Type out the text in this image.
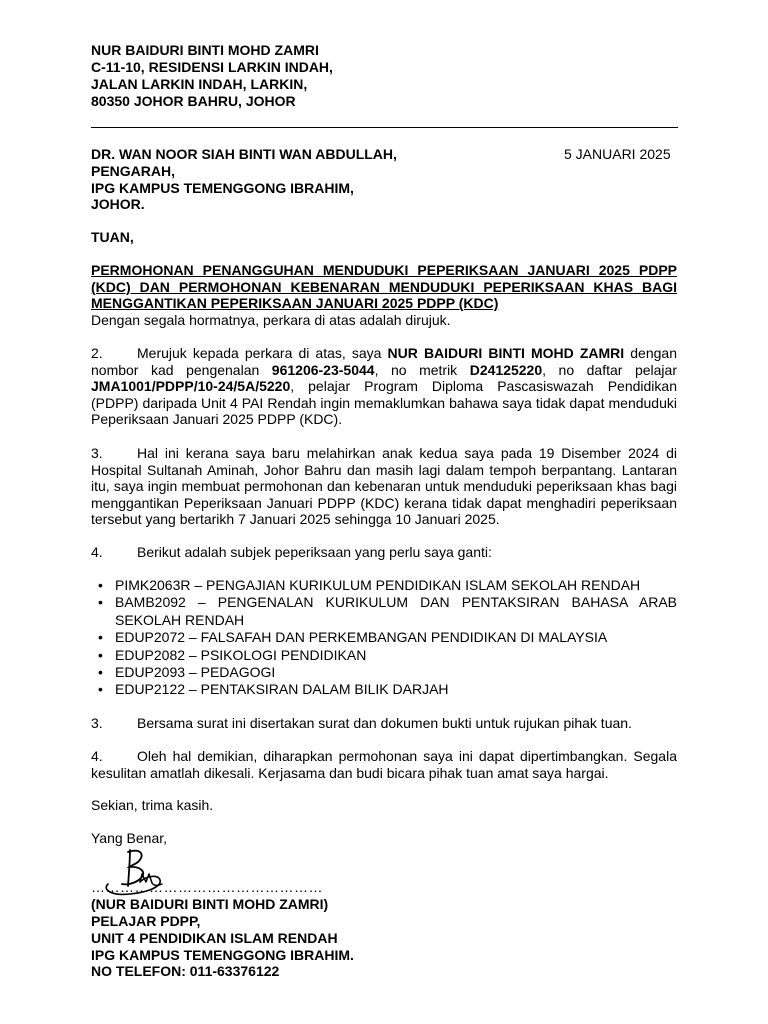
NUR BAIDURI BINTI MOHD ZAMRI
C-11-10, RESIDENSI LARKIN INDAH,
JALAN LARKIN INDAH, LARKIN,
80350 JOHOR BAHRU, JOHOR
DR. WAN NOOR SIAH BINTI WAN ABDULLAH,	5 JANUARI 2025
PENGARAH,
IPG KAMPUS TEMENGGONG IBRAHIM,
JOHOR.
TUAN,
PERMOHONAN PENANGGUHAN MENDUDUKI PEPERIKSAAN JANUARI 2025 PDPP (KDC) DAN PERMOHONAN KEBENARAN MENDUDUKI PEPERIKSAAN KHAS BAGI MENGGANTIKAN PEPERIKSAAN JANUARI 2025 PDPP (KDC)
Dengan segala hormatnya, perkara di atas adalah dirujuk.
2. Merujuk kepada perkara di atas, saya NUR BAIDURI BINTI MOHD ZAMRI dengan nombor kad pengenalan 961206-23-5044, no metrik D24125220, no daftar pelajar JMA1001/PDPP/10-24/5A/5220, pelajar Program Diploma Pascasiswazah Pendidikan (PDPP) daripada Unit 4 PAI Rendah ingin memaklumkan bahawa saya tidak dapat menduduki Peperiksaan Januari 2025 PDPP (KDC).
3. Hal ini kerana saya baru melahirkan anak kedua saya pada 19 Disember 2024 di Hospital Sultanah Aminah, Johor Bahru dan masih lagi dalam tempoh berpantang. Lantaran itu, saya ingin membuat permohonan dan kebenaran untuk menduduki peperiksaan khas bagi menggantikan Peperiksaan Januari PDPP (KDC) kerana tidak dapat menghadiri peperiksaan tersebut yang bertarikh 7 Januari 2025 sehingga 10 Januari 2025.
4. Berikut adalah subjek peperiksaan yang perlu saya ganti:
• PIMK2063R – PENGAJIAN KURIKULUM PENDIDIKAN ISLAM SEKOLAH RENDAH
• BAMB2092 – PENGENALAN KURIKULUM DAN PENTAKSIRAN BAHASA ARAB SEKOLAH RENDAH
• EDUP2072 – FALSAFAH DAN PERKEMBANGAN PENDIDIKAN DI MALAYSIA
• EDUP2082 – PSIKOLOGI PENDIDIKAN
• EDUP2093 – PEDAGOGI
• EDUP2122 – PENTAKSIRAN DALAM BILIK DARJAH
3. Bersama surat ini disertakan surat dan dokumen bukti untuk rujukan pihak tuan.
4. Oleh hal demikian, diharapkan permohonan saya ini dapat dipertimbangkan. Segala kesulitan amatlah dikesali. Kerjasama dan budi bicara pihak tuan amat saya hargai.
Sekian, trima kasih.
Yang Benar,
…………………………………………
(NUR BAIDURI BINTI MOHD ZAMRI)
PELAJAR PDPP,
UNIT 4 PENDIDIKAN ISLAM RENDAH
IPG KAMPUS TEMENGGONG IBRAHIM.
NO TELEFON: 011-63376122
